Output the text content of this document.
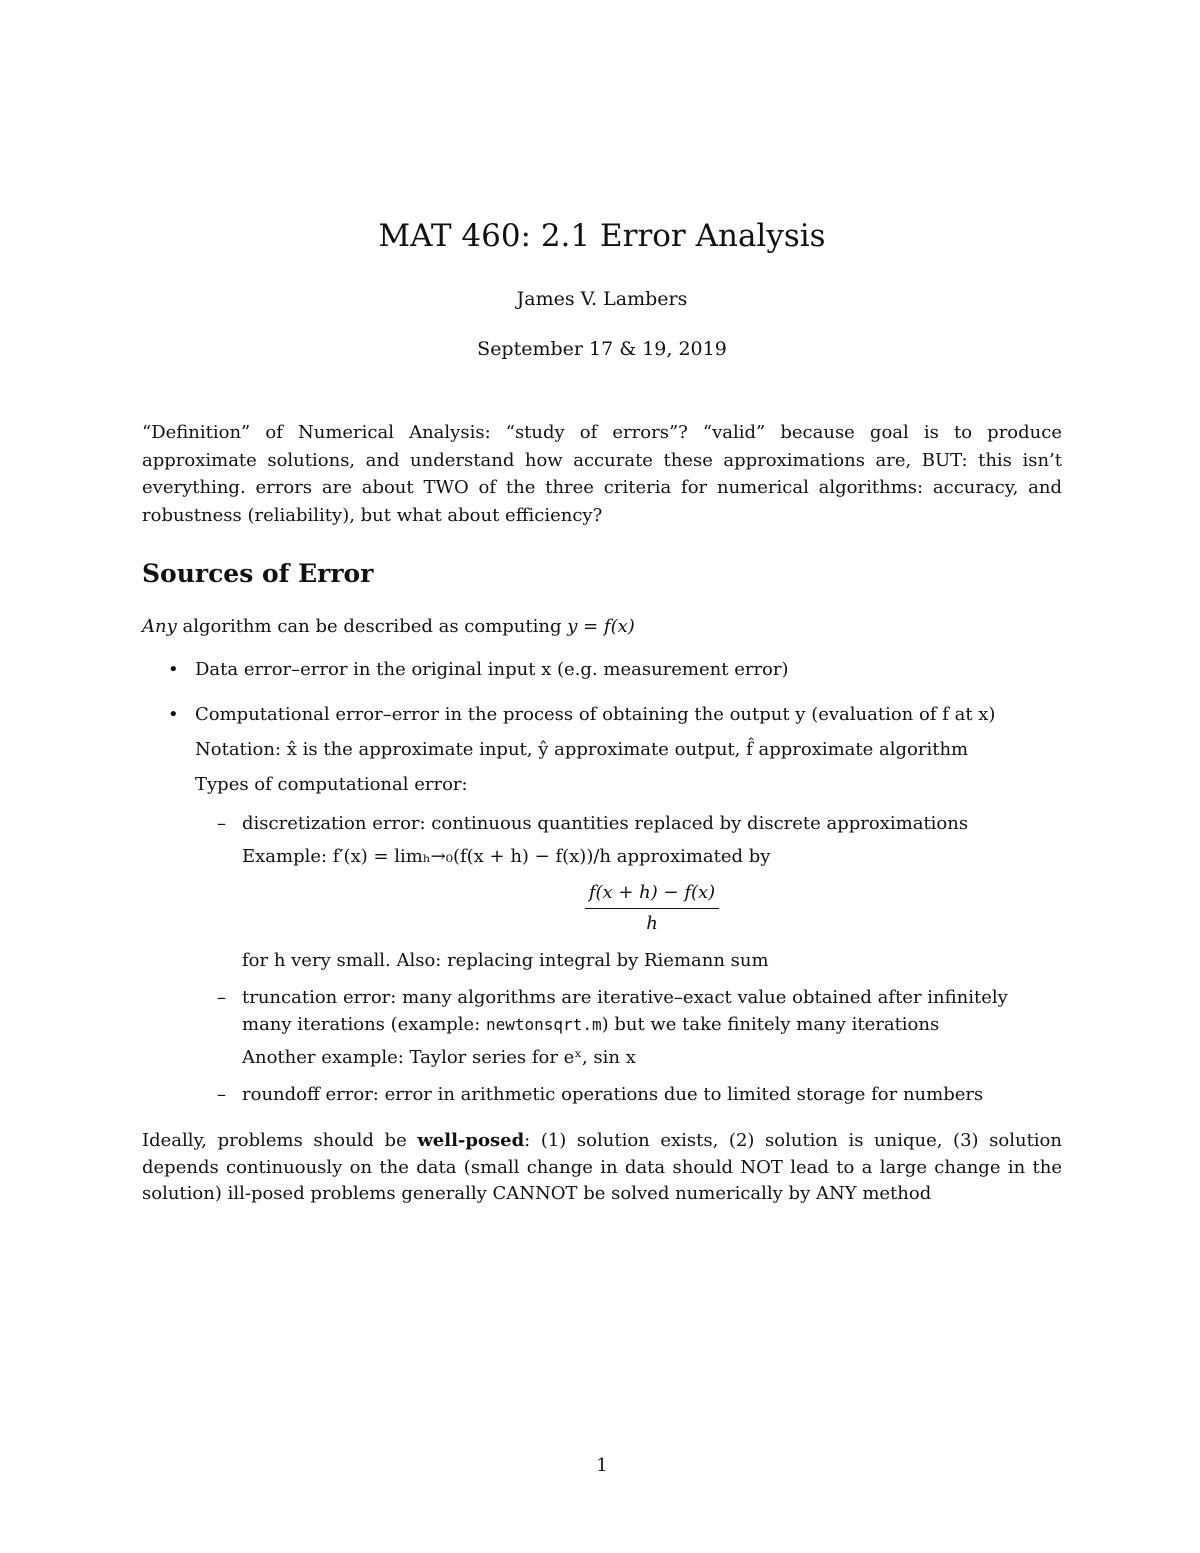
MAT 460: 2.1 Error Analysis
James V. Lambers
September 17 & 19, 2019

“Definition” of Numerical Analysis: “study of errors”? “valid” because goal is to produce approximate solutions, and understand how accurate these approximations are, BUT: this isn’t everything. errors are about TWO of the three criteria for numerical algorithms: accuracy, and robustness (reliability), but what about efficiency?

Sources of Error

Any algorithm can be described as computing y = f(x)

• Data error–error in the original input x (e.g. measurement error)

• Computational error–error in the process of obtaining the output y (evaluation of f at x)

Notation: x̂ is the approximate input, ŷ approximate output, f̂ approximate algorithm

Types of computational error:

– discretization error: continuous quantities replaced by discrete approximations

Example: f′(x) = limₕ→₀(f(x + h) − f(x))/h approximated by

$\frac{f(x + h) - f(x)}{h}$

for h very small. Also: replacing integral by Riemann sum

– truncation error: many algorithms are iterative–exact value obtained after infinitely many iterations (example: newtonsqrt.m) but we take finitely many iterations

Another example: Taylor series for eˣ, sin x

– roundoff error: error in arithmetic operations due to limited storage for numbers

Ideally, problems should be well-posed: (1) solution exists, (2) solution is unique, (3) solution depends continuously on the data (small change in data should NOT lead to a large change in the solution) ill-posed problems generally CANNOT be solved numerically by ANY method

1
